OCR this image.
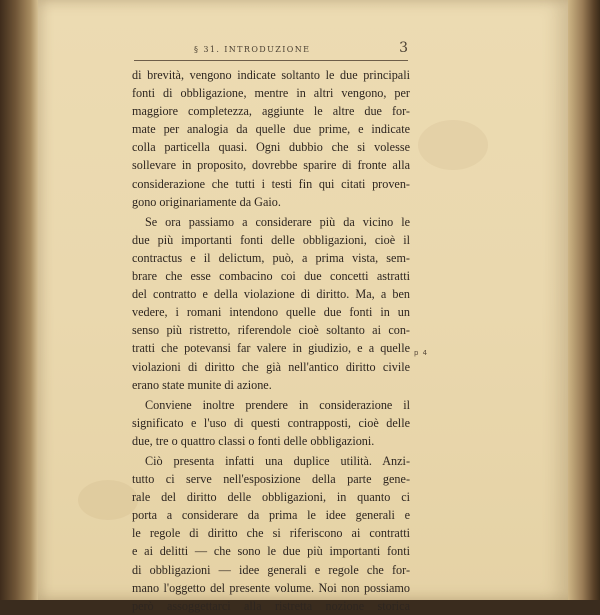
§ 31. INTRODUZIONE	3

di brevità, vengono indicate soltanto le due principali
fonti di obbligazione, mentre in altri vengono, per
maggiore completezza, aggiunte le altre due for-
mate per analogia da quelle due prime, e indicate
colla particella quasi. Ogni dubbio che si volesse
sollevare in proposito, dovrebbe sparire di fronte alla
considerazione che tutti i testi fin qui citati proven-
gono originariamente da Gaio.

Se ora passiamo a considerare più da vicino le
due più importanti fonti delle obbligazioni, cioè il
contractus e il delictum, può, a prima vista, sem-
brare che esse combacino coi due concetti astratti
del contratto e della violazione di diritto. Ma, a ben
vedere, i romani intendono quelle due fonti in un
senso più ristretto, riferendole cioè soltanto ai con-
tratti che potevansi far valere in giudizio, e a quelle
violazioni di diritto che già nell'antico diritto civile
erano state munite di azione.

Conviene inoltre prendere in considerazione il
significato e l'uso di questi contrapposti, cioè delle
due, tre o quattro classi o fonti delle obbligazioni.

Ciò presenta infatti una duplice utilità. Anzi-
tutto ci serve nell'esposizione della parte gene-
rale del diritto delle obbligazioni, in quanto ci
porta a considerare da prima le idee generali e
le regole di diritto che si riferiscono ai contratti
e ai delitti — che sono le due più importanti fonti
di obbligazioni — idee generali e regole che for-
mano l'oggetto del presente volume. Noi non possiamo
però assoggettarci alla ristretta nozione storica

p 4
